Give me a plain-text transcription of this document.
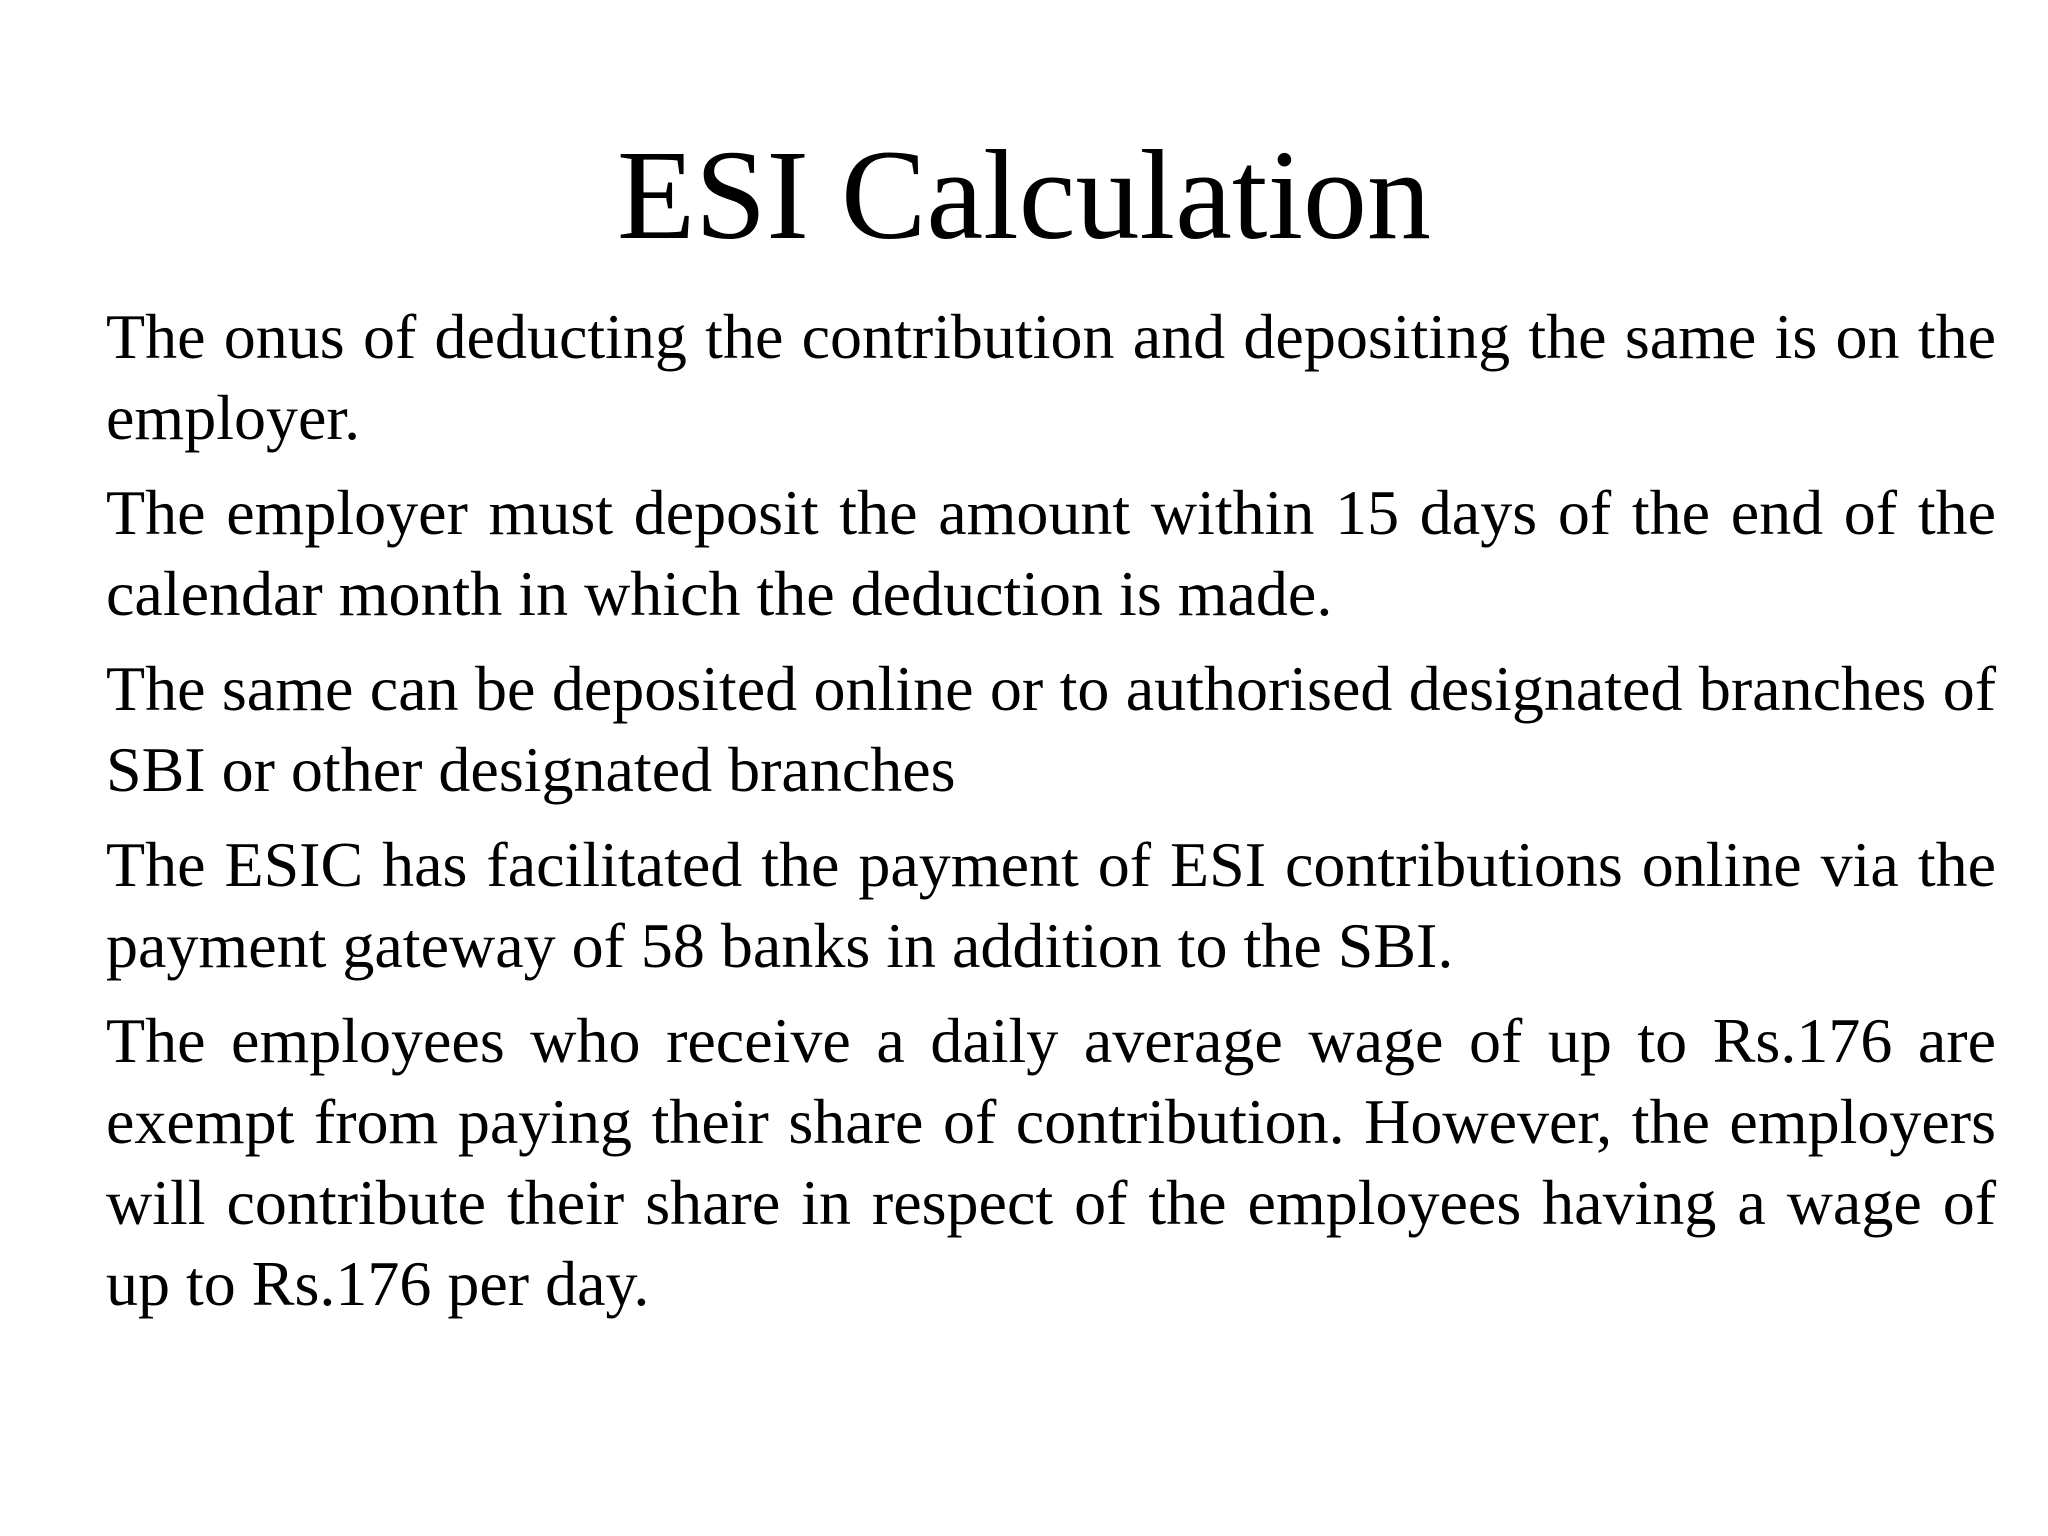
ESI Calculation

The onus of deducting the contribution and depositing the same is on the employer.

The employer must deposit the amount within 15 days of the end of the calendar month in which the deduction is made.

The same can be deposited online or to authorised designated branches of SBI or other designated branches

The ESIC has facilitated the payment of ESI contributions online via the payment gateway of 58 banks in addition to the SBI.

The employees who receive a daily average wage of up to Rs.176 are exempt from paying their share of contribution. However, the employers will contribute their share in respect of the employees having a wage of up to Rs.176 per day.
